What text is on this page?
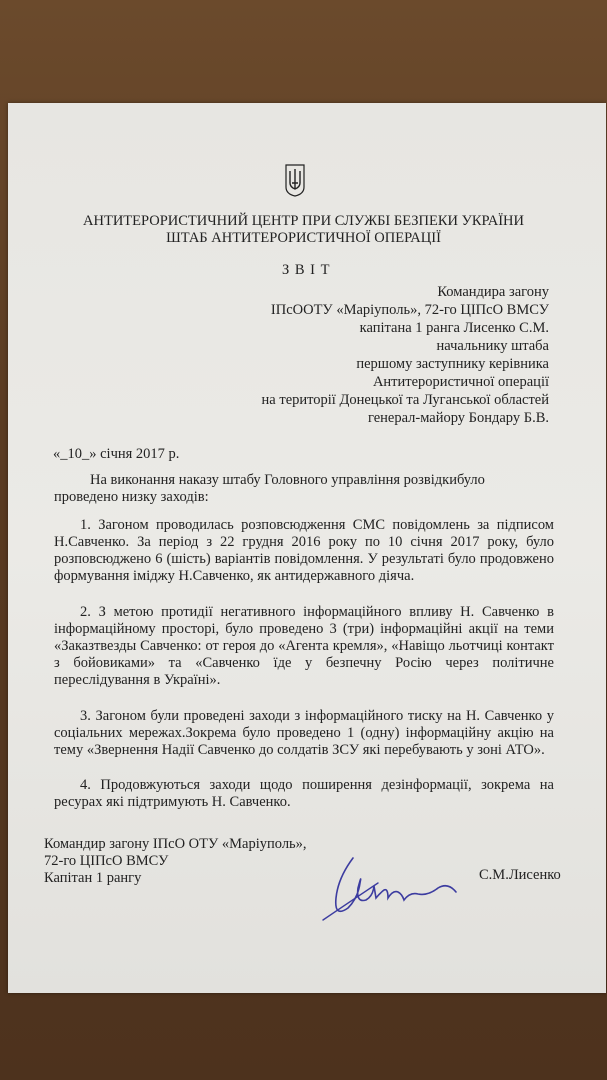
АНТИТЕРОРИСТИЧНИЙ ЦЕНТР ПРИ СЛУЖБІ БЕЗПЕКИ УКРАЇНИ
ШТАБ АНТИТЕРОРИСТИЧНОЇ ОПЕРАЦІЇ
З В І Т
Командира загону
ІПсООТУ «Маріуполь», 72-го ЦІПсО ВМСУ
капітана 1 ранга Лисенко С.М.
начальнику штаба
першому заступнику керівника
Антитерористичної операції
на території Донецької та Луганської областей
генерал-майору Бондару Б.В.
«_10_» січня 2017 р.
На виконання наказу штабу Головного управління розвідкибуло
проведено низку заходів:
1. Загоном проводилась розповсюдження СМС повідомлень за підписом Н.Савченко. За період з 22 грудня 2016 року по 10 січня 2017 року, було розповсюджено 6 (шість) варіантів повідомлення. У результаті було продовжено формування іміджу Н.Савченко, як антидержавного діяча.
2. З метою протидії негативного інформаційного впливу Н. Савченко в інформаційному просторі, було проведено 3 (три) інформаційні акції на теми «Заказтвезды Савченко: от героя до «Агента кремля», «Навіщо льотчиці контакт з бойовиками» та «Савченко їде у безпечну Росію через політичне переслідування в Україні».
3. Загоном були проведені заходи з інформаційного тиску на Н. Савченко у соціальних мережах.Зокрема було проведено 1 (одну) інформаційну акцію на тему «Звернення Надії Савченко до солдатів ЗСУ які перебувають у зоні АТО».
4. Продовжуються заходи щодо поширення дезінформації, зокрема на ресурах які підтримують Н. Савченко.
Командир загону ІПсО ОТУ «Маріуполь»,
72-го ЦІПсО ВМСУ
Капітан 1 рангу	С.М.Лисенко
